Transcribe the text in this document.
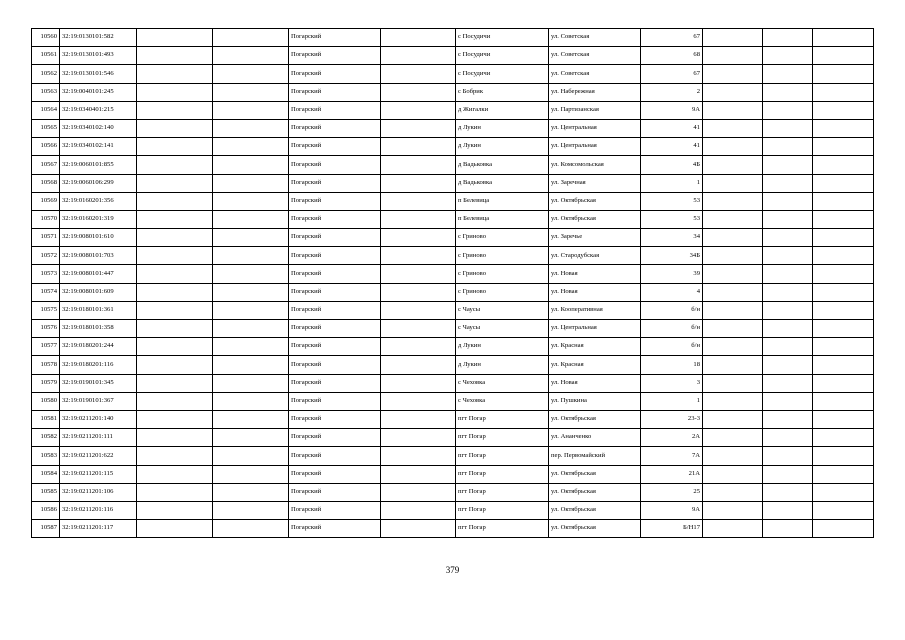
10560	32:19:0130101:582			Погарский		с Посудичи	ул. Советская	67			
10561	32:19:0130101:493			Погарский		с Посудичи	ул. Советская	68			
10562	32:19:0130101:546			Погарский		с Посудичи	ул. Советская	67			
10563	32:19:0040101:245			Погарский		с Бобрик	ул. Набережная	2			
10564	32:19:0340401:215			Погарский		д Жигалки	ул. Партизанская	9А			
10565	32:19:0340102:140			Погарский		д Лукин	ул. Центральная	41			
10566	32:19:0340102:141			Погарский		д Лукин	ул. Центральная	41			
10567	32:19:0060101:855			Погарский		д Вадьковка	ул. Комсомольская	4Б			
10568	32:19:0060106:299			Погарский		д Вадьковка	ул. Заречная	1			
10569	32:19:0160201:356			Погарский		п Белевица	ул. Октябрьская	53			
10570	32:19:0160201:319			Погарский		п Белевица	ул. Октябрьская	53			
10571	32:19:0080101:610			Погарский		с Гриново	ул. Заречье	34			
10572	32:19:0080101:703			Погарский		с Гриново	ул. Стародубская	34Б			
10573	32:19:0080101:447			Погарский		с Гриново	ул. Новая	39			
10574	32:19:0080101:609			Погарский		с Гриново	ул. Новая	4			
10575	32:19:0180101:361			Погарский		с Чаусы	ул. Кооперативная	б/н			
10576	32:19:0180101:358			Погарский		с Чаусы	ул. Центральная	б/н			
10577	32:19:0180201:244			Погарский		д Лукин	ул. Красная	б/н			
10578	32:19:0180201:116			Погарский		д Лукин	ул. Красная	18			
10579	32:19:0190101:345			Погарский		с Чеховка	ул. Новая	3			
10580	32:19:0190101:367			Погарский		с Чеховка	ул. Пушкина	1			
10581	32:19:0211201:140			Погарский		пгт Погар	ул. Октябрьская	23-3			
10582	32:19:0211201:111			Погарский		пгт Погар	ул. Ананченко	2А			
10583	32:19:0211201:622			Погарский		пгт Погар	пер. Первомайский	7А			
10584	32:19:0211201:115			Погарский		пгт Погар	ул. Октябрьская	21А			
10585	32:19:0211201:106			Погарский		пгт Погар	ул. Октябрьская	25			
10586	32:19:0211201:116			Погарский		пгт Погар	ул. Октябрьская	9А			
10587	32:19:0211201:117			Погарский		пгт Погар	ул. Октябрьская	Б/Н17			
379
